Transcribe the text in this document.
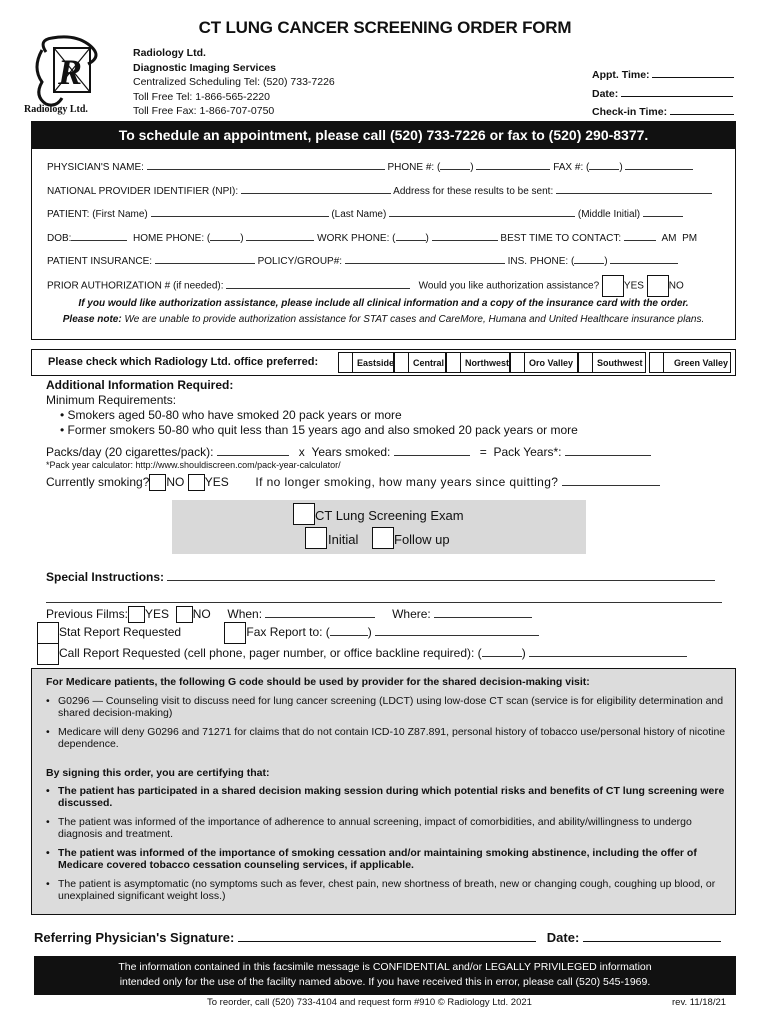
CT LUNG CANCER SCREENING ORDER FORM
R
Radiology Ltd.
Radiology Ltd.
Diagnostic Imaging Services
Centralized Scheduling Tel: (520) 733-7226
Toll Free Tel: 1-866-565-2220
Toll Free Fax: 1-866-707-0750
Appt. Time:
Date:
Check-in Time:
To schedule an appointment, please call (520) 733-7226 or fax to (520) 290-8377.
PHYSICIAN'S NAME:	PHONE #: (	)	FAX #: (	)
NATIONAL PROVIDER IDENTIFIER (NPI):	Address for these results to be sent:
PATIENT: (First Name)	(Last Name)	(Middle Initial)
DOB:	HOME PHONE: (	)	WORK PHONE: (	)	BEST TIME TO CONTACT:	AM PM
PATIENT INSURANCE:	POLICY/GROUP#:	INS. PHONE: (	)
PRIOR AUTHORIZATION # (if needed):	Would you like authorization assistance? YES NO
If you would like authorization assistance, please include all clinical information and a copy of the insurance card with the order.
Please note: We are unable to provide authorization assistance for STAT cases and CareMore, Humana and United Healthcare insurance plans.
Please check which Radiology Ltd. office preferred:	Eastside	Central	Northwest	Oro Valley	Southwest	Green Valley
Additional Information Required:
Minimum Requirements:
• Smokers aged 50-80 who have smoked 20 pack years or more
• Former smokers 50-80 who quit less than 15 years ago and also smoked 20 pack years or more
Packs/day (20 cigarettes/pack):	x Years smoked:	= Pack Years*:
*Pack year calculator: http://www.shouldiscreen.com/pack-year-calculator/
Currently smoking? NO YES If no longer smoking, how many years since quitting?
CT Lung Screening Exam
Initial	Follow up
Special Instructions:
Previous Films: YES NO When:	Where:
Stat Report Requested	Fax Report to: (	)
Call Report Requested (cell phone, pager number, or office backline required): (	)
For Medicare patients, the following G code should be used by provider for the shared decision-making visit:
• G0296 — Counseling visit to discuss need for lung cancer screening (LDCT) using low-dose CT scan (service is for eligibility determination and shared decision-making)
• Medicare will deny G0296 and 71271 for claims that do not contain ICD-10 Z87.891, personal history of tobacco use/personal history of nicotine dependence.
By signing this order, you are certifying that:
• The patient has participated in a shared decision making session during which potential risks and benefits of CT lung screening were discussed.
• The patient was informed of the importance of adherence to annual screening, impact of comorbidities, and ability/willingness to undergo diagnosis and treatment.
• The patient was informed of the importance of smoking cessation and/or maintaining smoking abstinence, including the offer of Medicare covered tobacco cessation counseling services, if applicable.
• The patient is asymptomatic (no symptoms such as fever, chest pain, new shortness of breath, new or changing cough, coughing up blood, or unexplained significant weight loss.)
Referring Physician's Signature:	Date:
The information contained in this facsimile message is CONFIDENTIAL and/or LEGALLY PRIVILEGED information
intended only for the use of the facility named above. If you have received this in error, please call (520) 545-1969.
To reorder, call (520) 733-4104 and request form #910 © Radiology Ltd. 2021	rev. 11/18/21
